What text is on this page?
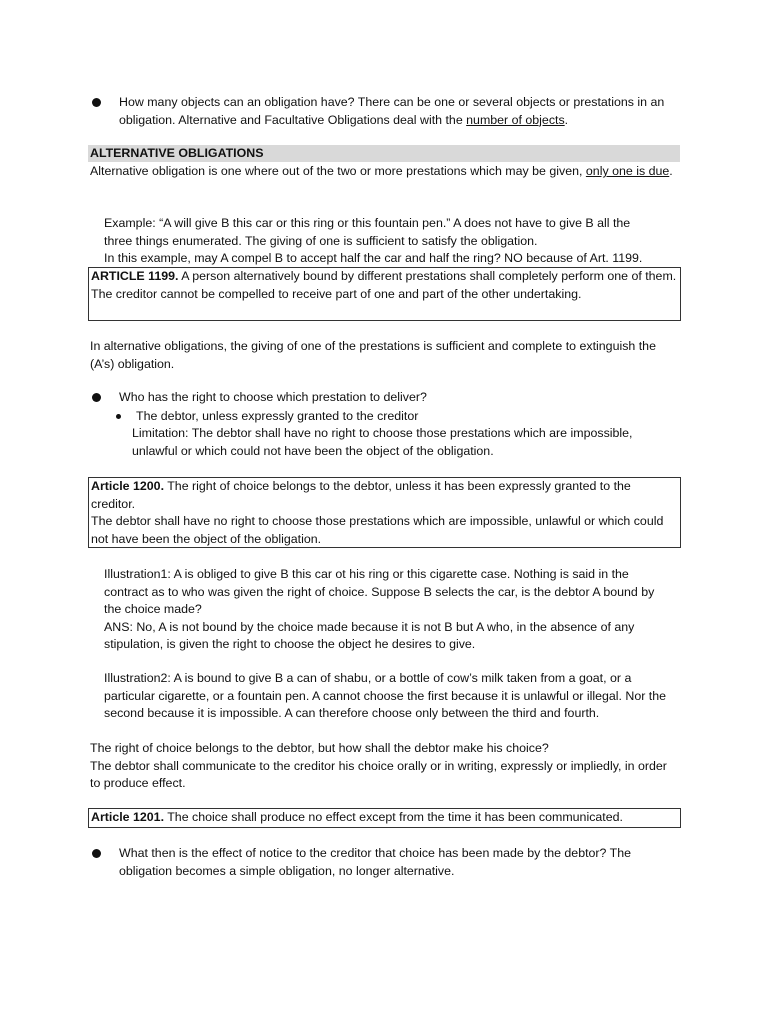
How many objects can an obligation have? There can be one or several objects or prestations in an obligation. Alternative and Facultative Obligations deal with the number of objects.

ALTERNATIVE OBLIGATIONS

Alternative obligation is one where out of the two or more prestations which may be given, only one is due.

Example: “A will give B this car or this ring or this fountain pen.” A does not have to give B all the three things enumerated. The giving of one is sufficient to satisfy the obligation.

In this example, may A compel B to accept half the car and half the ring? NO because of Art. 1199.

ARTICLE 1199. A person alternatively bound by different prestations shall completely perform one of them.

The creditor cannot be compelled to receive part of one and part of the other undertaking.

In alternative obligations, the giving of one of the prestations is sufficient and complete to extinguish the (A’s) obligation.

Who has the right to choose which prestation to deliver?

The debtor, unless expressly granted to the creditor

Limitation: The debtor shall have no right to choose those prestations which are impossible, unlawful or which could not have been the object of the obligation.

Article 1200. The right of choice belongs to the debtor, unless it has been expressly granted to the creditor.

The debtor shall have no right to choose those prestations which are impossible, unlawful or which could not have been the object of the obligation.

Illustration1: A is obliged to give B this car ot his ring or this cigarette case. Nothing is said in the contract as to who was given the right of choice. Suppose B selects the car, is the debtor A bound by the choice made?

ANS: No, A is not bound by the choice made because it is not B but A who, in the absence of any stipulation, is given the right to choose the object he desires to give.

Illustration2: A is bound to give B a can of shabu, or a bottle of cow’s milk taken from a goat, or a particular cigarette, or a fountain pen. A cannot choose the first because it is unlawful or illegal. Nor the second because it is impossible. A can therefore choose only between the third and fourth.

The right of choice belongs to the debtor, but how shall the debtor make his choice?

The debtor shall communicate to the creditor his choice orally or in writing, expressly or impliedly, in order to produce effect.

Article 1201. The choice shall produce no effect except from the time it has been communicated.

What then is the effect of notice to the creditor that choice has been made by the debtor? The obligation becomes a simple obligation, no longer alternative.
